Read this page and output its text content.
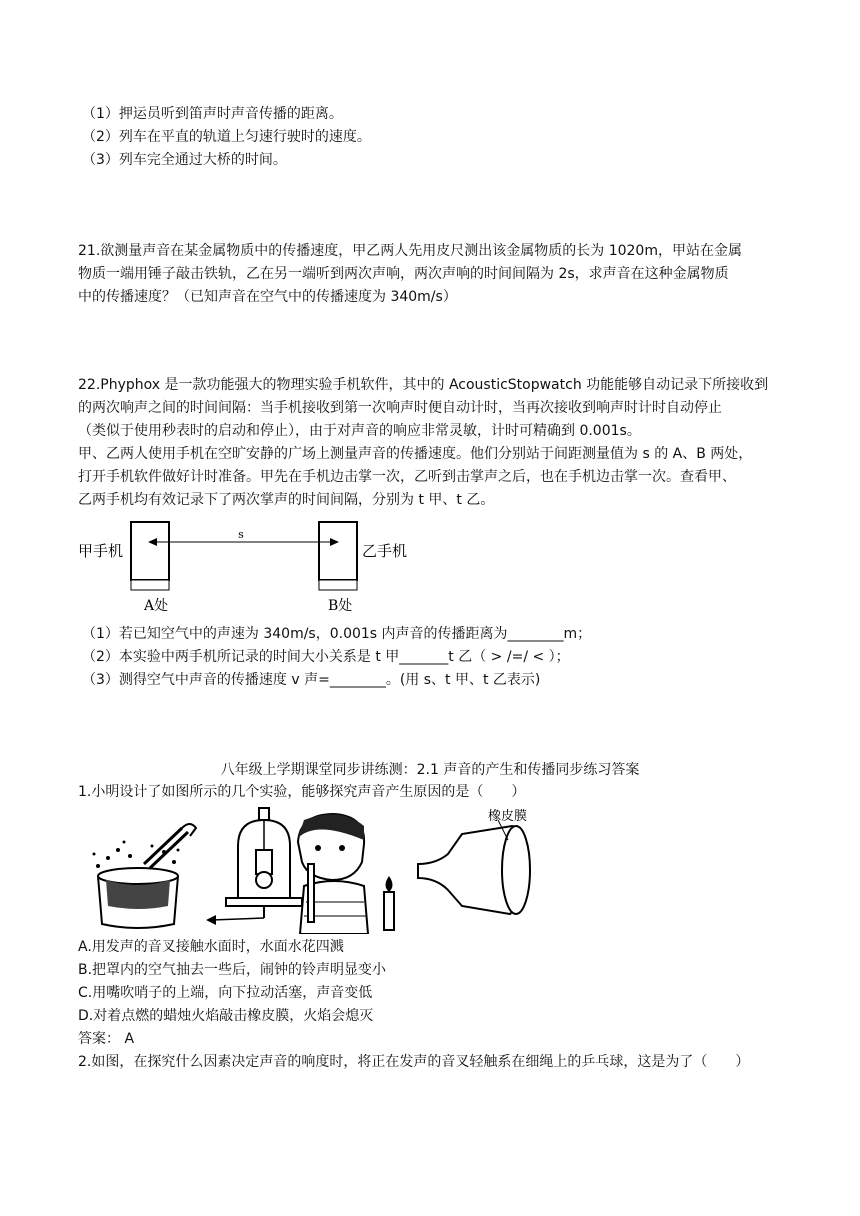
（1）押运员听到笛声时声音传播的距离。
（2）列车在平直的轨道上匀速行驶时的速度。
（3）列车完全通过大桥的时间。
21.欲测量声音在某金属物质中的传播速度，甲乙两人先用皮尺测出该金属物质的长为 1020m，甲站在金属
物质一端用锤子敲击铁轨，乙在另一端听到两次声响，两次声响的时间间隔为 2s，求声音在这种金属物质
中的传播速度？（已知声音在空气中的传播速度为 340m/s）
22.Phyphox 是一款功能强大的物理实验手机软件，其中的 AcousticStopwatch 功能能够自动记录下所接收到
的两次响声之间的时间间隔：当手机接收到第一次响声时便自动计时，当再次接收到响声时计时自动停止
（类似于使用秒表时的启动和停止），由于对声音的响应非常灵敏，计时可精确到 0.001s。
甲、乙两人使用手机在空旷安静的广场上测量声音的传播速度。他们分别站于间距测量值为 s 的 A、B 两处，
打开手机软件做好计时准备。甲先在手机边击掌一次，乙听到击掌声之后，也在手机边击掌一次。查看甲、
乙两手机均有效记录下了两次掌声的时间间隔，分别为 t 甲、t 乙。
s
甲手机	乙手机
A处	B处
（1）若已知空气中的声速为 340m/s，0.001s 内声音的传播距离为________m；
（2）本实验中两手机所记录的时间大小关系是 t 甲_______t 乙（ > /=/ < ）；
（3）测得空气中声音的传播速度 v 声=________。(用 s、t 甲、t 乙表示)
八年级上学期课堂同步讲练测：2.1 声音的产生和传播同步练习答案
1.小明设计了如图所示的几个实验，能够探究声音产生原因的是（　　）
橡皮膜
A.用发声的音叉接触水面时，水面水花四溅
B.把罩内的空气抽去一些后，闹钟的铃声明显变小
C.用嘴吹哨子的上端，向下拉动活塞，声音变低
D.对着点燃的蜡烛火焰敲击橡皮膜，火焰会熄灭
答案： A
2.如图，在探究什么因素决定声音的响度时，将正在发声的音叉轻触系在细绳上的乒乓球，这是为了（　　）
